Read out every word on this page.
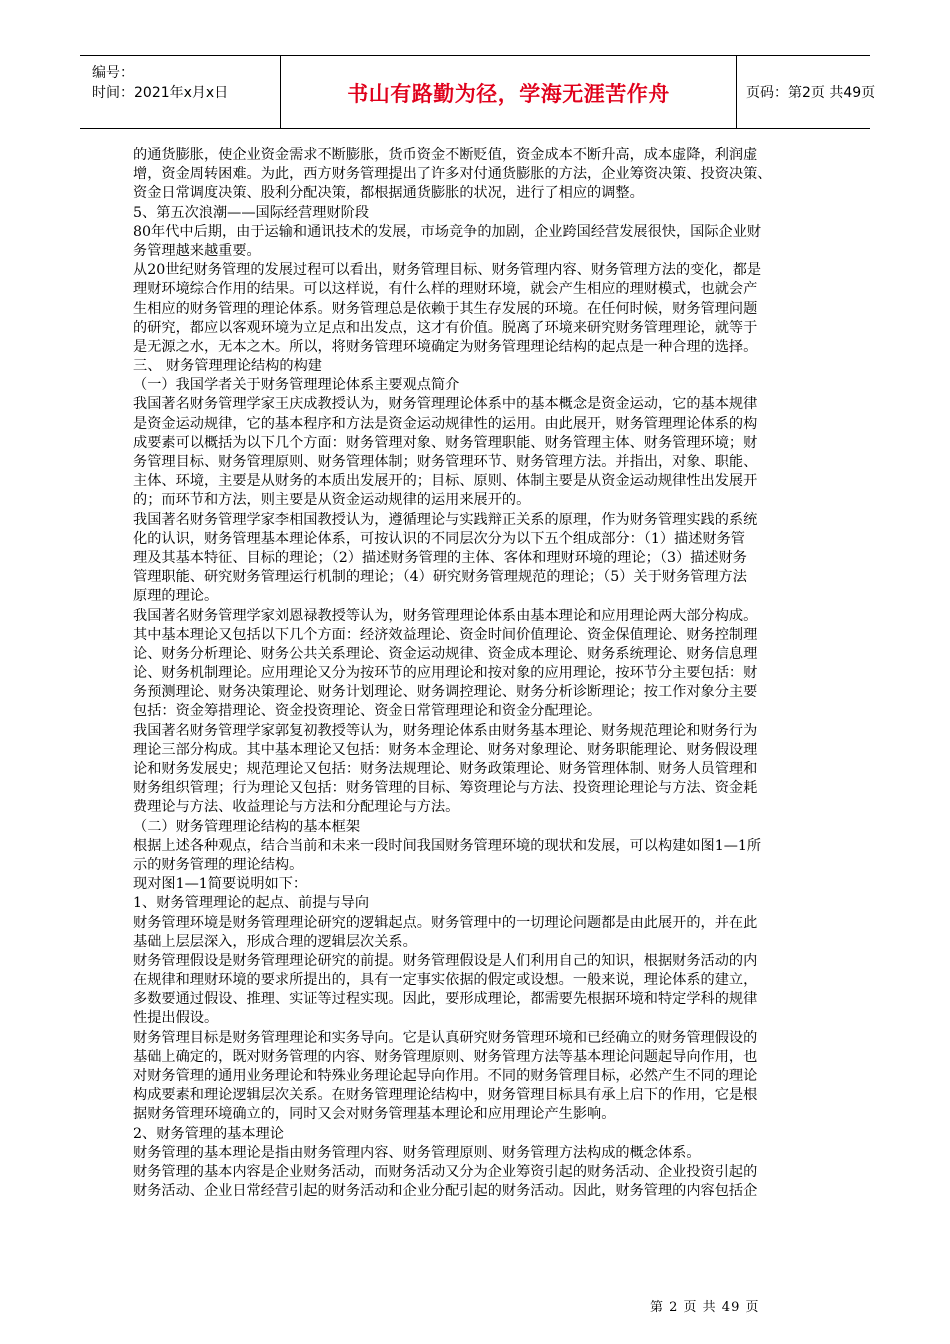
编号：
时间：2021年x月x日	书山有路勤为径，学海无涯苦作舟	页码：第2页 共49页
的通货膨胀，使企业资金需求不断膨胀，货币资金不断贬值，资金成本不断升高，成本虚降，利润虚
增，资金周转困难。为此，西方财务管理提出了许多对付通货膨胀的方法，企业筹资决策、投资决策、
资金日常调度决策、股利分配决策，都根据通货膨胀的状况，进行了相应的调整。
5、第五次浪潮——国际经营理财阶段
80年代中后期，由于运输和通讯技术的发展，市场竞争的加剧，企业跨国经营发展很快，国际企业财
务管理越来越重要。
从20世纪财务管理的发展过程可以看出，财务管理目标、财务管理内容、财务管理方法的变化，都是
理财环境综合作用的结果。可以这样说，有什么样的理财环境，就会产生相应的理财模式，也就会产
生相应的财务管理的理论体系。财务管理总是依赖于其生存发展的环境。在任何时候，财务管理问题
的研究，都应以客观环境为立足点和出发点，这才有价值。脱离了环境来研究财务管理理论，就等于
是无源之水，无本之木。所以，将财务管理环境确定为财务管理理论结构的起点是一种合理的选择。
三、 财务管理理论结构的构建
（一）我国学者关于财务管理理论体系主要观点简介
我国著名财务管理学家王庆成教授认为，财务管理理论体系中的基本概念是资金运动，它的基本规律
是资金运动规律，它的基本程序和方法是资金运动规律性的运用。由此展开，财务管理理论体系的构
成要素可以概括为以下几个方面：财务管理对象、财务管理职能、财务管理主体、财务管理环境；财
务管理目标、财务管理原则、财务管理体制；财务管理环节、财务管理方法。并指出，对象、职能、
主体、环境，主要是从财务的本质出发展开的；目标、原则、体制主要是从资金运动规律性出发展开
的；而环节和方法，则主要是从资金运动规律的运用来展开的。
我国著名财务管理学家李相国教授认为，遵循理论与实践辩正关系的原理，作为财务管理实践的系统
化的认识，财务管理基本理论体系，可按认识的不同层次分为以下五个组成部分：（1）描述财务管
理及其基本特征、目标的理论；（2）描述财务管理的主体、客体和理财环境的理论；（3）描述财务
管理职能、研究财务管理运行机制的理论；（4）研究财务管理规范的理论；（5）关于财务管理方法
原理的理论。
我国著名财务管理学家刘恩禄教授等认为，财务管理理论体系由基本理论和应用理论两大部分构成。
其中基本理论又包括以下几个方面：经济效益理论、资金时间价值理论、资金保值理论、财务控制理
论、财务分析理论、财务公共关系理论、资金运动规律、资金成本理论、财务系统理论、财务信息理
论、财务机制理论。应用理论又分为按环节的应用理论和按对象的应用理论，按环节分主要包括：财
务预测理论、财务决策理论、财务计划理论、财务调控理论、财务分析诊断理论；按工作对象分主要
包括：资金筹措理论、资金投资理论、资金日常管理理论和资金分配理论。
我国著名财务管理学家郭复初教授等认为，财务理论体系由财务基本理论、财务规范理论和财务行为
理论三部分构成。其中基本理论又包括：财务本金理论、财务对象理论、财务职能理论、财务假设理
论和财务发展史；规范理论又包括：财务法规理论、财务政策理论、财务管理体制、财务人员管理和
财务组织管理；行为理论又包括：财务管理的目标、筹资理论与方法、投资理论理论与方法、资金耗
费理论与方法、收益理论与方法和分配理论与方法。
（二）财务管理理论结构的基本框架
根据上述各种观点，结合当前和未来一段时间我国财务管理环境的现状和发展，可以构建如图1—1所
示的财务管理的理论结构。
现对图1—1简要说明如下：
1、财务管理理论的起点、前提与导向
财务管理环境是财务管理理论研究的逻辑起点。财务管理中的一切理论问题都是由此展开的，并在此
基础上层层深入，形成合理的逻辑层次关系。
财务管理假设是财务管理理论研究的前提。财务管理假设是人们利用自己的知识，根据财务活动的内
在规律和理财环境的要求所提出的，具有一定事实依据的假定或设想。一般来说，理论体系的建立，
多数要通过假设、推理、实证等过程实现。因此，要形成理论，都需要先根据环境和特定学科的规律
性提出假设。
财务管理目标是财务管理理论和实务导向。它是认真研究财务管理环境和已经确立的财务管理假设的
基础上确定的，既对财务管理的内容、财务管理原则、财务管理方法等基本理论问题起导向作用，也
对财务管理的通用业务理论和特殊业务理论起导向作用。不同的财务管理目标，必然产生不同的理论
构成要素和理论逻辑层次关系。在财务管理理论结构中，财务管理目标具有承上启下的作用，它是根
据财务管理环境确立的，同时又会对财务管理基本理论和应用理论产生影响。
2、财务管理的基本理论
财务管理的基本理论是指由财务管理内容、财务管理原则、财务管理方法构成的概念体系。
财务管理的基本内容是企业财务活动，而财务活动又分为企业筹资引起的财务活动、企业投资引起的
财务活动、企业日常经营引起的财务活动和企业分配引起的财务活动。因此，财务管理的内容包括企
第 2 页 共 49 页
